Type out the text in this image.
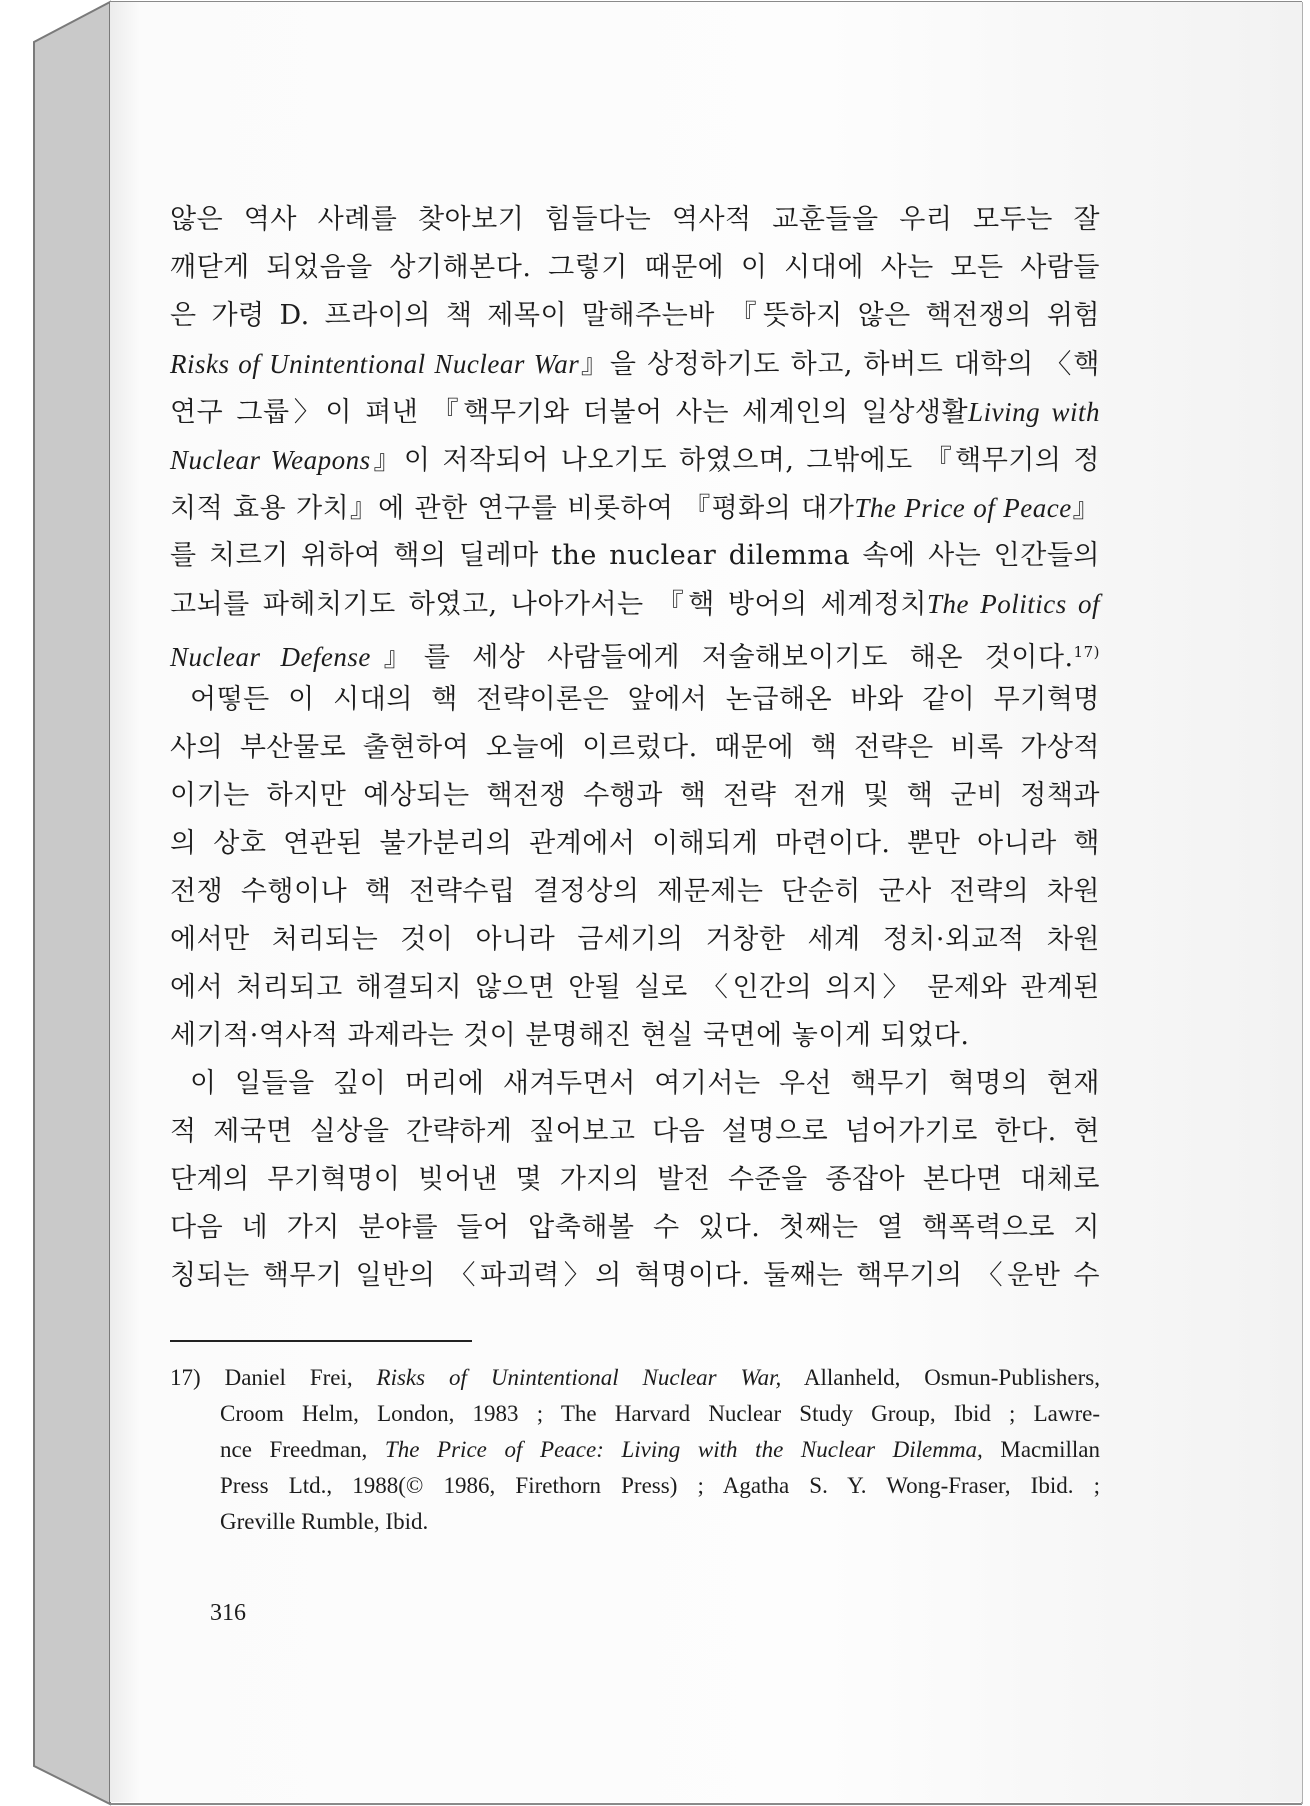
않은 역사 사례를 찾아보기 힘들다는 역사적 교훈들을 우리 모두는 잘
깨닫게 되었음을 상기해본다. 그렇기 때문에 이 시대에 사는 모든 사람들
은 가령 D. 프라이의 책 제목이 말해주는바 『뜻하지 않은 핵전쟁의 위험
Risks of Unintentional Nuclear War』을 상정하기도 하고, 하버드 대학의 〈핵
연구 그룹〉이 펴낸 『핵무기와 더불어 사는 세계인의 일상생활Living with
Nuclear Weapons』이 저작되어 나오기도 하였으며, 그밖에도 『핵무기의 정
치적 효용 가치』에 관한 연구를 비롯하여 『평화의 대가The Price of Peace』
를 치르기 위하여 핵의 딜레마 the nuclear dilemma 속에 사는 인간들의
고뇌를 파헤치기도 하였고, 나아가서는 『핵 방어의 세계정치The Politics of
Nuclear Defense』를 세상 사람들에게 저술해보이기도 해온 것이다.$^{17)}$
어떻든 이 시대의 핵 전략이론은 앞에서 논급해온 바와 같이 무기혁명
사의 부산물로 출현하여 오늘에 이르렀다. 때문에 핵 전략은 비록 가상적
이기는 하지만 예상되는 핵전쟁 수행과 핵 전략 전개 및 핵 군비 정책과
의 상호 연관된 불가분리의 관계에서 이해되게 마련이다. 뿐만 아니라 핵
전쟁 수행이나 핵 전략수립 결정상의 제문제는 단순히 군사 전략의 차원
에서만 처리되는 것이 아니라 금세기의 거창한 세계 정치·외교적 차원
에서 처리되고 해결되지 않으면 안될 실로 〈인간의 의지〉 문제와 관계된
세기적·역사적 과제라는 것이 분명해진 현실 국면에 놓이게 되었다.
이 일들을 깊이 머리에 새겨두면서 여기서는 우선 핵무기 혁명의 현재
적 제국면 실상을 간략하게 짚어보고 다음 설명으로 넘어가기로 한다. 현
단계의 무기혁명이 빚어낸 몇 가지의 발전 수준을 종잡아 본다면 대체로
다음 네 가지 분야를 들어 압축해볼 수 있다. 첫째는 열 핵폭력으로 지
칭되는 핵무기 일반의 〈파괴력〉의 혁명이다. 둘째는 핵무기의 〈운반 수
17) Daniel Frei, Risks of Unintentional Nuclear War, Allanheld, Osmun-Publishers,
Croom Helm, London, 1983 ; The Harvard Nuclear Study Group, Ibid ; Lawre-
nce Freedman, The Price of Peace: Living with the Nuclear Dilemma, Macmillan
Press Ltd., 1988(© 1986, Firethorn Press) ; Agatha S. Y. Wong-Fraser, Ibid. ;
Greville Rumble, Ibid.
316
